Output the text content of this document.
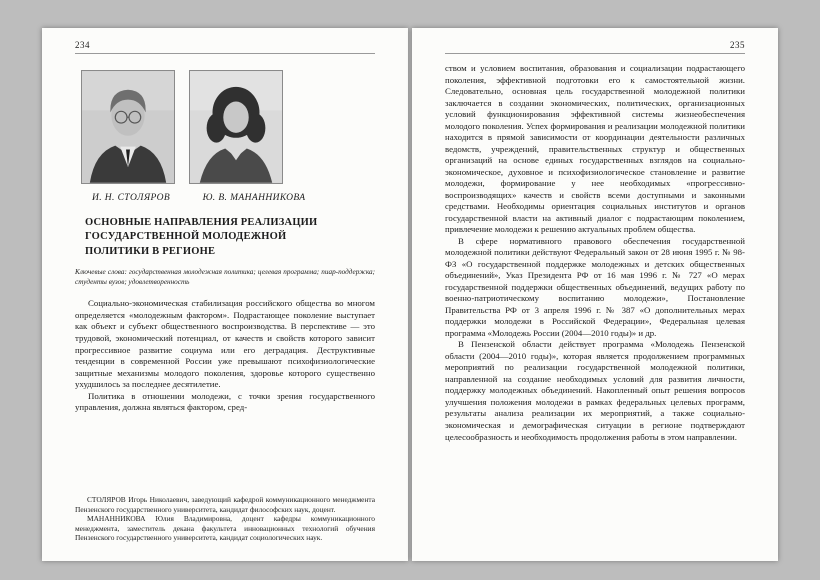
234
И. Н. СТОЛЯРОВ	Ю. В. МАНАННИКОВА
ОСНОВНЫЕ НАПРАВЛЕНИЯ РЕАЛИЗАЦИИ ГОСУДАРСТВЕННОЙ МОЛОДЕЖНОЙ ПОЛИТИКИ В РЕГИОНЕ
Ключевые слова: государственная молодежная политика; целевая программа; пиар-поддержка; студенты вузов; удовлетворенность

Социально-экономическая стабилизация российского общества во многом определяется «молодежным фактором». Подрастающее поколение выступает как объект и субъект общественного воспроизводства. В перспективе — это трудовой, экономический потенциал, от качеств и свойств которого зависит прогрессивное развитие социума или его деградация. Деструктивные тенденции в современной России уже превышают психофизиологические защитные механизмы молодого поколения, здоровье которого существенно ухудшилось за последнее десятилетие.

Политика в отношении молодежи, с точки зрения государственного управления, должна являться фактором, сред-

СТОЛЯРОВ Игорь Николаевич, заведующий кафедрой коммуникационного менеджмента Пензенского государственного университета, кандидат философских наук, доцент.

МАНАННИКОВА Юлия Владимировна, доцент кафедры коммуникационного менеджмента, заместитель декана факультета инновационных технологий обучения Пензенского государственного университета, кандидат социологических наук.

235

ством и условием воспитания, образования и социализации подрастающего поколения, эффективной подготовки его к самостоятельной жизни. Следовательно, основная цель государственной молодежной политики заключается в создании экономических, политических, организационных условий функционирования эффективной системы жизнеобеспечения молодого поколения. Успех формирования и реализации молодежной политики находится в прямой зависимости от координации деятельности различных ведомств, учреждений, правительственных структур и общественных организаций на основе единых государственных взглядов на социально-экономическое, духовное и психофизиологическое становление и развитие молодежи, формирование у нее необходимых «прогрессивно-воспроизводящих» качеств и свойств всеми доступными и законными средствами. Необходимы ориентация социальных институтов и органов государственной власти на активный диалог с подрастающим поколением, привлечение молодежи к решению актуальных проблем общества.

В сфере нормативного правового обеспечения государственной молодежной политики действуют Федеральный закон от 28 июня 1995 г. № 98-ФЗ «О государственной поддержке молодежных и детских общественных объединений», Указ Президента РФ от 16 мая 1996 г. № 727 «О мерах государственной поддержки общественных объединений, ведущих работу по военно-патриотическому воспитанию молодежи», Постановление Правительства РФ от 3 апреля 1996 г. № 387 «О дополнительных мерах поддержки молодежи в Российской Федерации», Федеральная целевая программа «Молодежь России (2004—2010 годы)» и др.

В Пензенской области действует программа «Молодежь Пензенской области (2004—2010 годы)», которая является продолжением программных мероприятий по реализации государственной молодежной политики, направленной на создание необходимых условий для развития личности, поддержку молодежных объединений. Накопленный опыт решения вопросов улучшения положения молодежи в рамках федеральных целевых программ, результаты анализа реализации их мероприятий, а также социально-экономическая и демографическая ситуации в регионе подтверждают целесообразность и необходимость продолжения работы в этом направлении.
